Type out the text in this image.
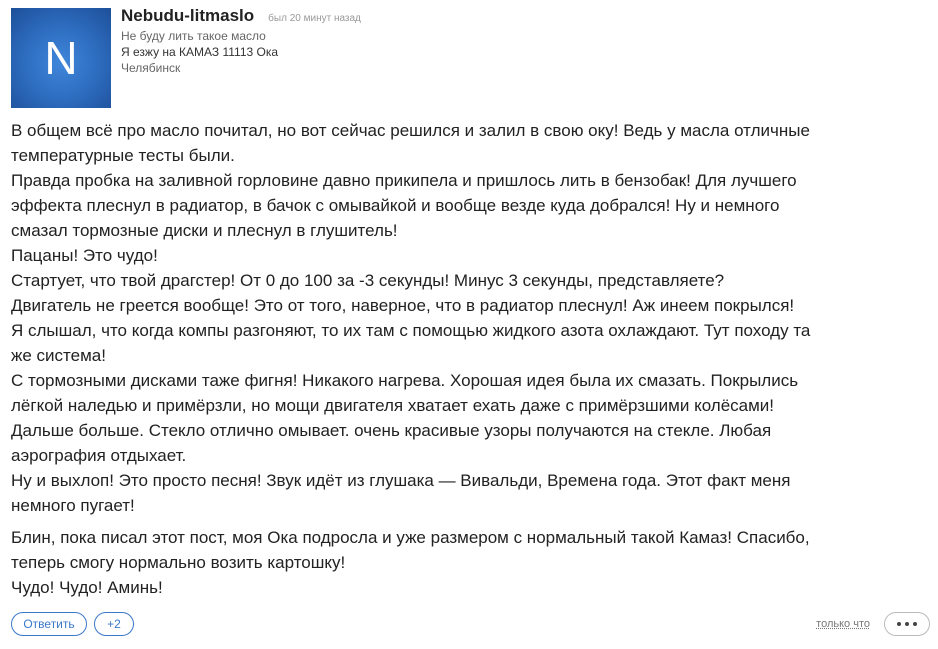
N
Nebudu-litmaslo был 20 минут назад
Не буду лить такое масло
Я езжу на КАМАЗ 11113 Ока
Челябинск

В общем всё про масло почитал, но вот сейчас решился и залил в свою оку! Ведь у масла отличные
температурные тесты были.
Правда пробка на заливной горловине давно прикипела и пришлось лить в бензобак! Для лучшего
эффекта плеснул в радиатор, в бачок с омывайкой и вообще везде куда добрался! Ну и немного
смазал тормозные диски и плеснул в глушитель!
Пацаны! Это чудо!
Стартует, что твой драгстер! От 0 до 100 за -3 секунды! Минус 3 секунды, представляете?
Двигатель не греется вообще! Это от того, наверное, что в радиатор плеснул! Аж инеем покрылся!
Я слышал, что когда компы разгоняют, то их там с помощью жидкого азота охлаждают. Тут походу та
же система!
С тормозными дисками таже фигня! Никакого нагрева. Хорошая идея была их смазать. Покрылись
лёгкой наледью и примёрзли, но мощи двигателя хватает ехать даже с примёрзшими колёсами!
Дальше больше. Стекло отлично омывает. очень красивые узоры получаются на стекле. Любая
аэрография отдыхает.
Ну и выхлоп! Это просто песня! Звук идёт из глушака — Вивальди, Времена года. Этот факт меня
немного пугает!

Блин, пока писал этот пост, моя Ока подросла и уже размером с нормальный такой Камаз! Спасибо,
теперь смогу нормально возить картошку!
Чудо! Чудо! Аминь!

Ответить	+2	только что
